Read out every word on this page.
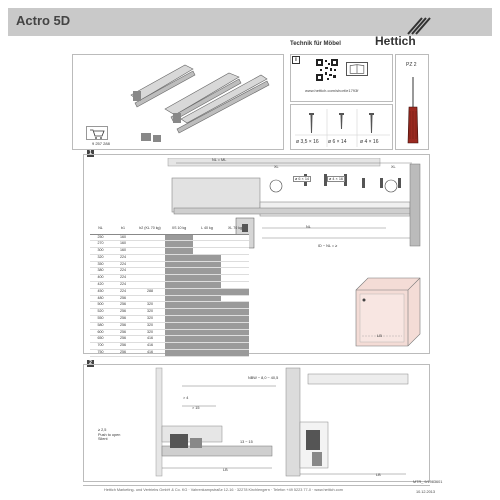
Actro 5D
Hettich
Technik für Möbel
9 257 288
i
www.hettich.com/short/e1793f
ø 3,5 × 16 ø 6 × 14	ø 4 × 16
PZ 2
1
NL = ML
XL	XL
ø 6 × 14	ø 4 × 16
NL
ID − NL = ≥
NL	b1	b2 (KL 70 kg)	XS 10 kg	L 40 kg	XL 70 kg
250	160				
270	160				
300	160				
320	224				
350	224				
380	224				
400	224				
420	224				
450	224	288			
480	256				
500	256	320			
520	256	320			
550	256	320			
580	256	320			
600	256	320			
650	256	416			
700	256	416			
750	256	416			
LB
2
NBW − 8,0 − 40,5
> 4
> 15
13 − 15
≥ 2,5
Push to open
Silent
LB
LB
Hettich Marketing- und Vertriebs GmbH & Co. KG · Vahrenkampstraße 12-16 · 32278 Kirchlengern · Telefon +49 5223 77-0 · www.hettich.com
MTR_ 9/1983601
10.12.2013
